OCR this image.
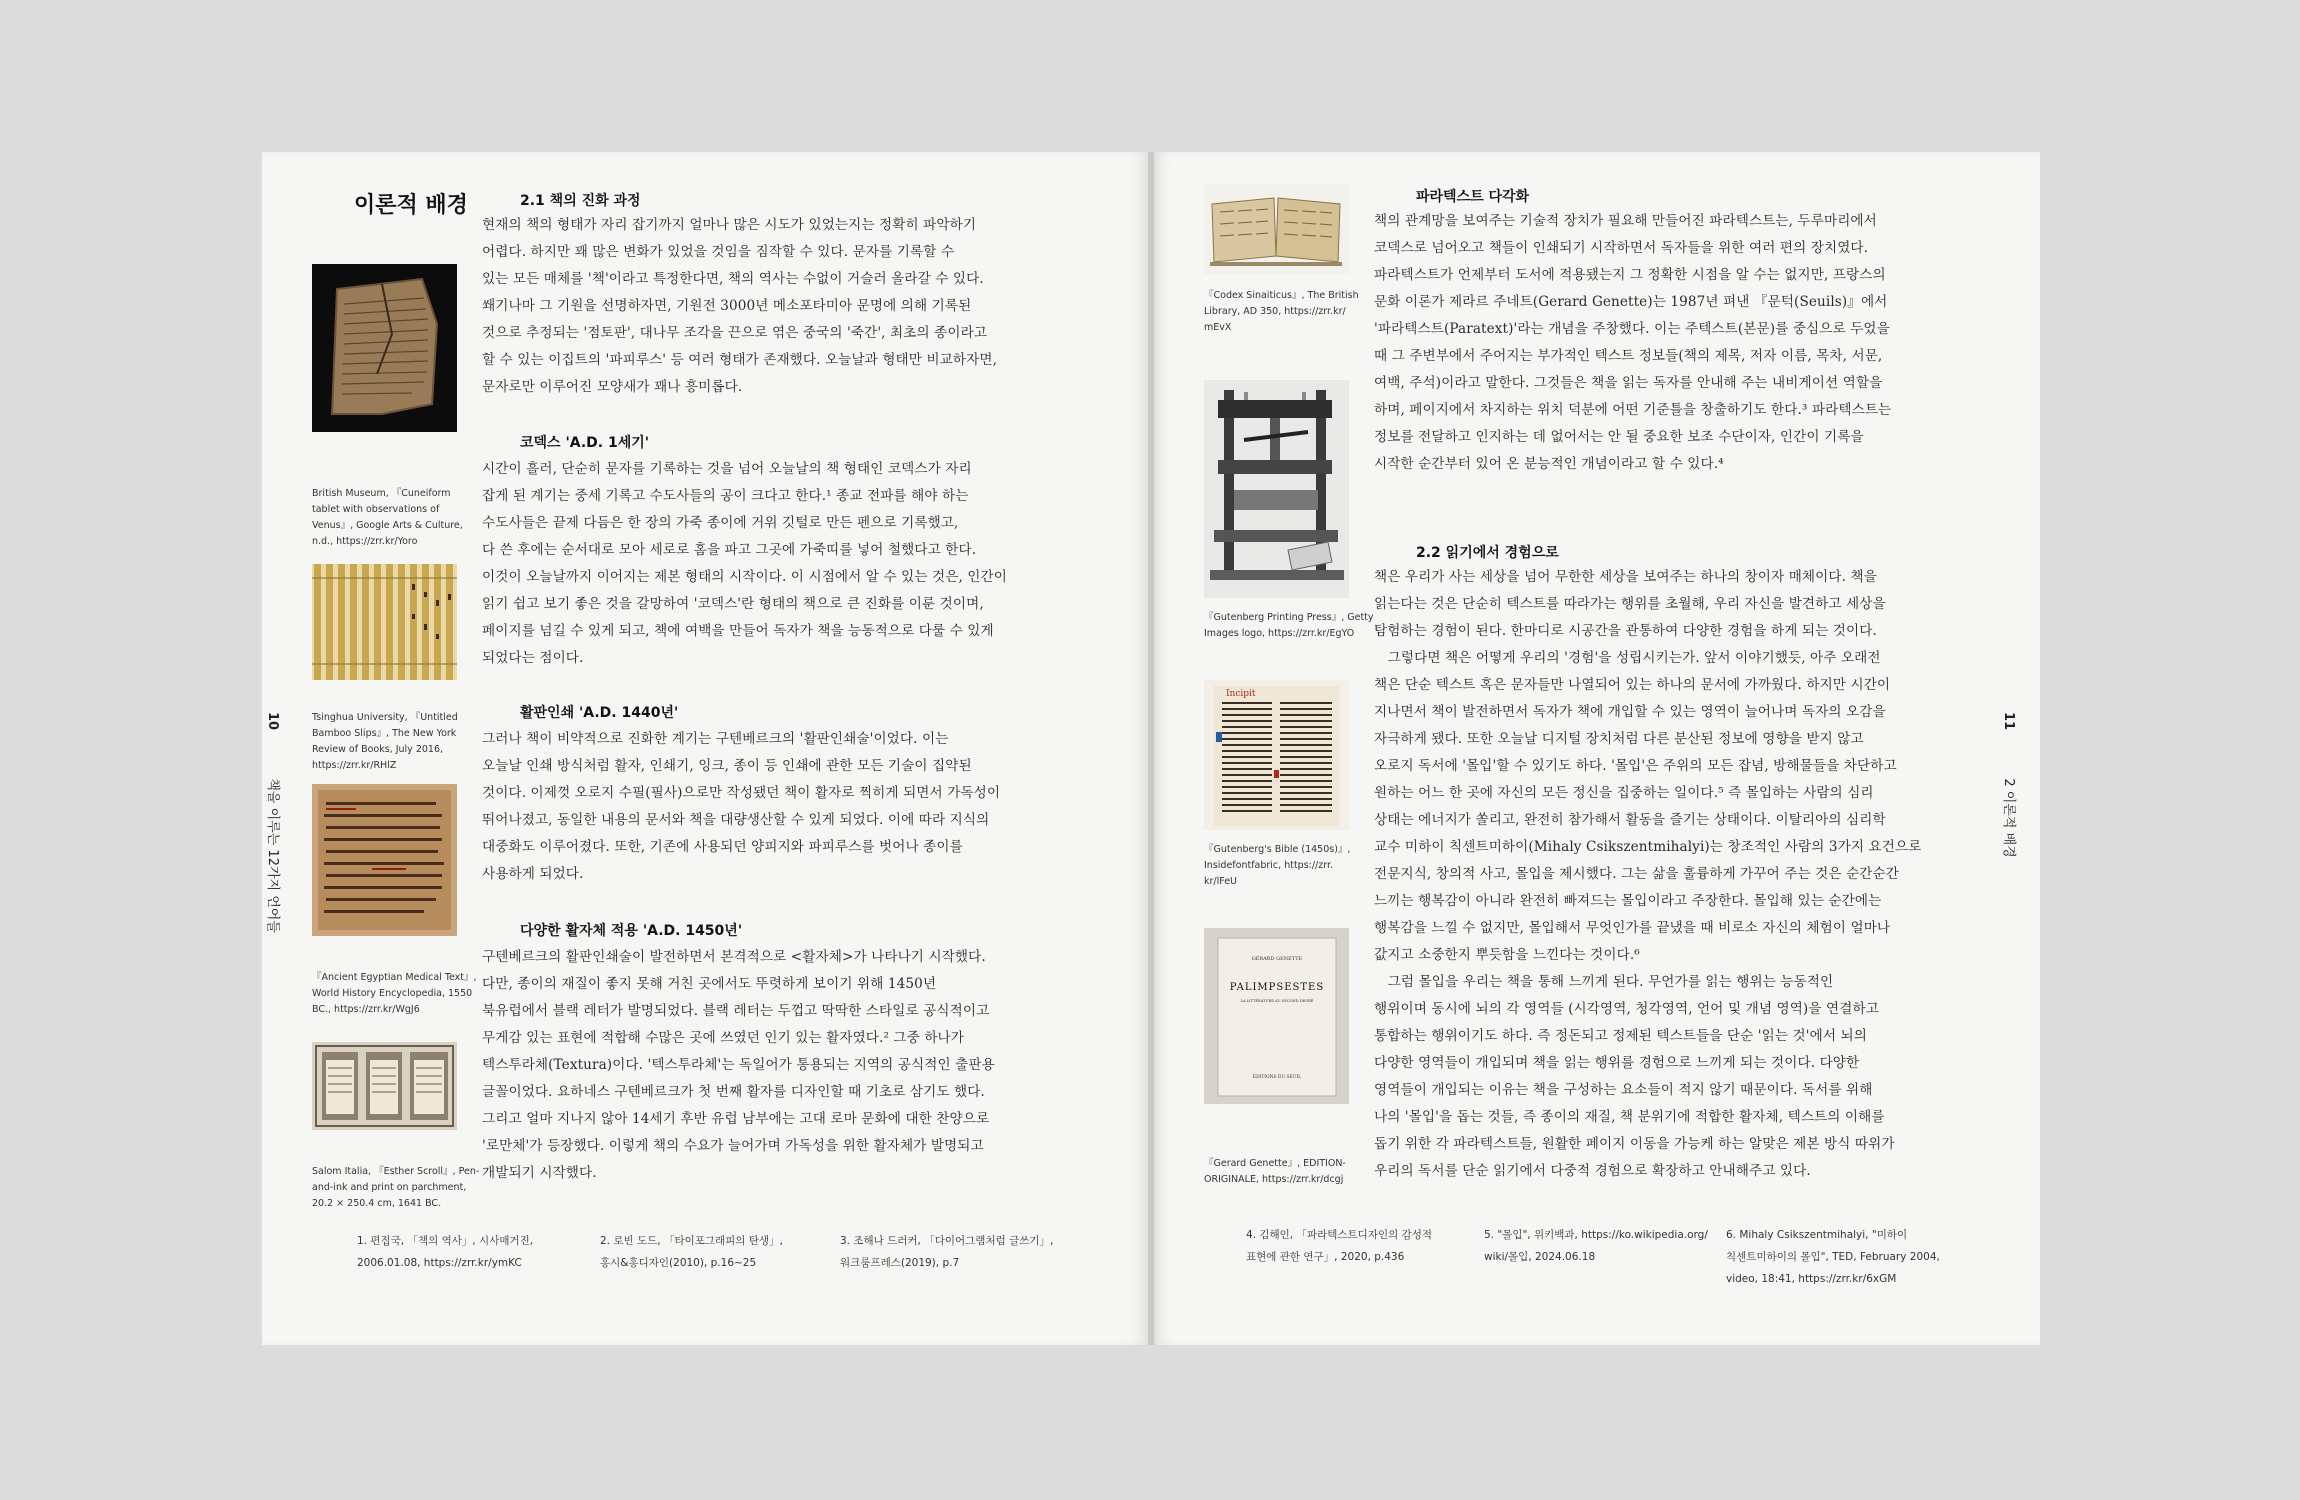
이론적 배경
10  책을 이루는 12가지 언어들
British Museum, 『Cuneiform
tablet with observations of
Venus』, Google Arts & Culture,
n.d., https://zrr.kr/Yoro
Tsinghua University, 『Untitled
Bamboo Slips』, The New York
Review of Books, July 2016,
https://zrr.kr/RHlZ
『Ancient Egyptian Medical Text』,
World History Encyclopedia, 1550
BC., https://zrr.kr/WgJ6
Salom Italia, 『Esther Scroll』, Pen-
and-ink and print on parchment,
20.2 × 250.4 cm, 1641 BC.
2.1 책의 진화 과정
현재의 책의 형태가 자리 잡기까지 얼마나 많은 시도가 있었는지는 정확히 파악하기
어렵다. 하지만 꽤 많은 변화가 있었을 것임을 짐작할 수 있다. 문자를 기록할 수
있는 모든 매체를 '책'이라고 특정한다면, 책의 역사는 수없이 거슬러 올라갈 수 있다.
쐐기나마 그 기원을 선명하자면, 기원전 3000년 메소포타미아 문명에 의해 기록된
것으로 추정되는 '점토판', 대나무 조각을 끈으로 엮은 중국의 '죽간', 최초의 종이라고
할 수 있는 이집트의 '파피루스' 등 여러 형태가 존재했다. 오늘날과 형태만 비교하자면,
문자로만 이루어진 모양새가 꽤나 흥미롭다.
코덱스 'A.D. 1세기'
시간이 흘러, 단순히 문자를 기록하는 것을 넘어 오늘날의 책 형태인 코덱스가 자리
잡게 된 계기는 중세 기록고 수도사들의 공이 크다고 한다.¹ 종교 전파를 해야 하는
수도사들은 끝제 다듬은 한 장의 가죽 종이에 거위 깃털로 만든 펜으로 기록했고,
다 쓴 후에는 순서대로 모아 세로로 홈을 파고 그곳에 가죽띠를 넣어 철했다고 한다.
이것이 오늘날까지 이어지는 제본 형태의 시작이다. 이 시점에서 알 수 있는 것은, 인간이
읽기 쉽고 보기 좋은 것을 갈망하여 '코덱스'란 형태의 책으로 큰 진화를 이룬 것이며,
페이지를 넘길 수 있게 되고, 책에 여백을 만들어 독자가 책을 능동적으로 다룰 수 있게
되었다는 점이다.
활판인쇄 'A.D. 1440년'
그러나 책이 비약적으로 진화한 계기는 구텐베르크의 '활판인쇄술'이었다. 이는
오늘날 인쇄 방식처럼 활자, 인쇄기, 잉크, 종이 등 인쇄에 관한 모든 기술이 집약된
것이다. 이제껏 오로지 수필(필사)으로만 작성됐던 책이 활자로 찍히게 되면서 가독성이
뛰어나졌고, 동일한 내용의 문서와 책을 대량생산할 수 있게 되었다. 이에 따라 지식의
대중화도 이루어졌다. 또한, 기존에 사용되던 양피지와 파피루스를 벗어나 종이를
사용하게 되었다.
다양한 활자체 적용 'A.D. 1450년'
구텐베르크의 활판인쇄술이 발전하면서 본격적으로 <활자체>가 나타나기 시작했다.
다만, 종이의 재질이 좋지 못해 거친 곳에서도 뚜렷하게 보이기 위해 1450년
북유럽에서 블랙 레터가 발명되었다. 블랙 레터는 두껍고 딱딱한 스타일로 공식적이고
무게감 있는 표현에 적합해 수많은 곳에 쓰였던 인기 있는 활자였다.² 그중 하나가
텍스투라체(Textura)이다. '텍스투라체'는 독일어가 통용되는 지역의 공식적인 출판용
글꼴이었다. 요하네스 구텐베르크가 첫 번째 활자를 디자인할 때 기초로 삼기도 했다.
그리고 얼마 지나지 않아 14세기 후반 유럽 남부에는 고대 로마 문화에 대한 찬양으로
'로만체'가 등장했다. 이렇게 책의 수요가 늘어가며 가독성을 위한 활자체가 발명되고
개발되기 시작했다.
1. 편집국, 「책의 역사」, 시사매거진,
2006.01.08, https://zrr.kr/ymKC
2. 로빈 도드, 「타이포그래피의 탄생」,
홍시&홍디자인(2010), p.16~25
3. 조해나 드러커, 「다이어그램처럼 글쓰기」,
워크룸프레스(2019), p.7
11  2 이론적 배경
『Codex Sinaiticus』, The British
Library, AD 350, https://zrr.kr/
mEvX
『Gutenberg Printing Press』, Getty
Images logo, https://zrr.kr/EgYO
Incipit
『Gutenberg's Bible (1450s)』,
Insidefontfabric, https://zrr.
kr/lFeU
GÉRARD GENETTE
PALIMPSESTES
LA LITTÉRATURE AU SECOND DEGRÉ
ÉDITIONS DU SEUIL
『Gerard Genette』, EDITION-
ORIGINALE, https://zrr.kr/dcgj
파라텍스트 다각화
책의 관계망을 보여주는 기술적 장치가 필요해 만들어진 파라텍스트는, 두루마리에서
코덱스로 넘어오고 책들이 인쇄되기 시작하면서 독자들을 위한 여러 편의 장치였다.
파라텍스트가 언제부터 도서에 적용됐는지 그 정확한 시점을 알 수는 없지만, 프랑스의
문화 이론가 제라르 주네트(Gerard Genette)는 1987년 펴낸 『문턱(Seuils)』에서
'파라텍스트(Paratext)'라는 개념을 주창했다. 이는 주텍스트(본문)를 중심으로 두었을
때 그 주변부에서 주어지는 부가적인 텍스트 정보들(책의 제목, 저자 이름, 목차, 서문,
여백, 주석)이라고 말한다. 그것들은 책을 읽는 독자를 안내해 주는 내비게이션 역할을
하며, 페이지에서 차지하는 위치 덕분에 어떤 기준틀을 창출하기도 한다.³ 파라텍스트는
정보를 전달하고 인지하는 데 없어서는 안 될 중요한 보조 수단이자, 인간이 기록을
시작한 순간부터 있어 온 분능적인 개념이라고 할 수 있다.⁴
2.2 읽기에서 경험으로
책은 우리가 사는 세상을 넘어 무한한 세상을 보여주는 하나의 창이자 매체이다. 책을
읽는다는 것은 단순히 텍스트를 따라가는 행위를 초월해, 우리 자신을 발견하고 세상을
탐험하는 경험이 된다. 한마디로 시공간을 관통하여 다양한 경험을 하게 되는 것이다.
　그렇다면 책은 어떻게 우리의 '경험'을 성립시키는가. 앞서 이야기했듯, 아주 오래전
책은 단순 텍스트 혹은 문자들만 나열되어 있는 하나의 문서에 가까웠다. 하지만 시간이
지나면서 책이 발전하면서 독자가 책에 개입할 수 있는 영역이 늘어나며 독자의 오감을
자극하게 됐다. 또한 오늘날 디지털 장치처럼 다른 분산된 정보에 영향을 받지 않고
오로지 독서에 '몰입'할 수 있기도 하다. '몰입'은 주위의 모든 잡념, 방해물들을 차단하고
원하는 어느 한 곳에 자신의 모든 정신을 집중하는 일이다.⁵ 즉 몰입하는 사람의 심리
상태는 에너지가 쏠리고, 완전히 참가해서 활동을 즐기는 상태이다. 이탈리아의 심리학
교수 미하이 칙센트미하이(Mihaly Csikszentmihalyi)는 창조적인 사람의 3가지 요건으로
전문지식, 창의적 사고, 몰입을 제시했다. 그는 삶을 훌륭하게 가꾸어 주는 것은 순간순간
느끼는 행복감이 아니라 완전히 빠져드는 몰입이라고 주장한다. 몰입해 있는 순간에는
행복감을 느낄 수 없지만, 몰입해서 무엇인가를 끝냈을 때 비로소 자신의 체험이 얼마나
값지고 소중한지 뿌듯함을 느낀다는 것이다.⁶
　그럼 몰입을 우리는 책을 통해 느끼게 된다. 무언가를 읽는 행위는 능동적인
행위이며 동시에 뇌의 각 영역들 (시각영역, 청각영역, 언어 및 개념 영역)을 연결하고
통합하는 행위이기도 하다. 즉 정돈되고 정제된 텍스트들을 단순 '읽는 것'에서 뇌의
다양한 영역들이 개입되며 책을 읽는 행위를 경험으로 느끼게 되는 것이다. 다양한
영역들이 개입되는 이유는 책을 구성하는 요소들이 적지 않기 때문이다. 독서를 위해
나의 '몰입'을 돕는 것들, 즉 종이의 재질, 책 분위기에 적합한 활자체, 텍스트의 이해를
돕기 위한 각 파라텍스트들, 원활한 페이지 이동을 가능케 하는 알맞은 제본 방식 따위가
우리의 독서를 단순 읽기에서 다중적 경험으로 확장하고 안내해주고 있다.
4. 김해인, 「파라텍스트디자인의 감성적
표현에 관한 연구」, 2020, p.436
5. "몰입", 위키백과, https://ko.wikipedia.org/
wiki/몰입, 2024.06.18
6. Mihaly Csikszentmihalyi, "미하이
칙센트미하이의 몰입", TED, February 2004,
video, 18:41, https://zrr.kr/6xGM
